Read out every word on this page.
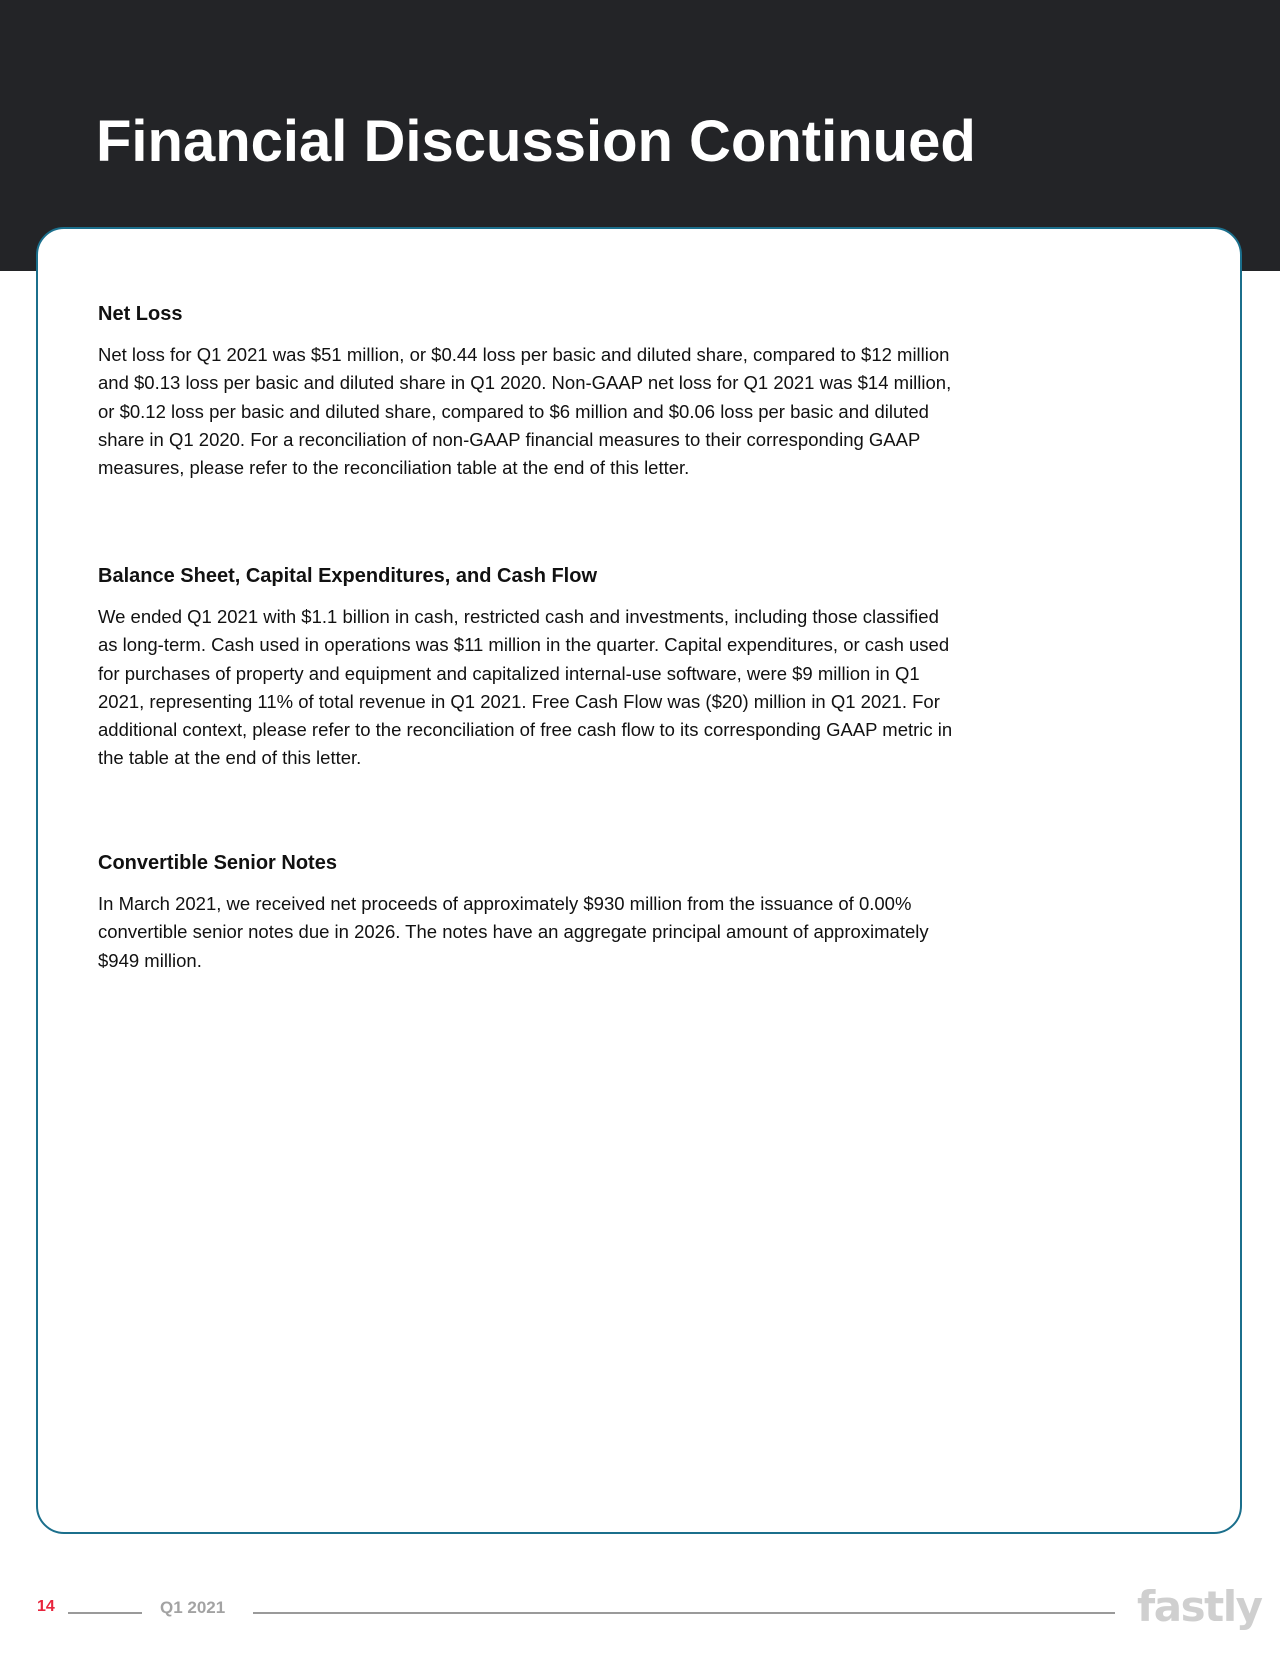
Financial Discussion Continued
Net Loss

Net loss for Q1 2021 was $51 million, or $0.44 loss per basic and diluted share, compared to $12 million and $0.13 loss per basic and diluted share in Q1 2020. Non-GAAP net loss for Q1 2021 was $14 million, or $0.12 loss per basic and diluted share, compared to $6 million and $0.06 loss per basic and diluted share in Q1 2020. For a reconciliation of non-GAAP financial measures to their corresponding GAAP measures, please refer to the reconciliation table at the end of this letter.

Balance Sheet, Capital Expenditures, and Cash Flow

We ended Q1 2021 with $1.1 billion in cash, restricted cash and investments, including those classified as long-term. Cash used in operations was $11 million in the quarter. Capital expenditures, or cash used for purchases of property and equipment and capitalized internal-use software, were $9 million in Q1 2021, representing 11% of total revenue in Q1 2021. Free Cash Flow was ($20) million in Q1 2021. For additional context, please refer to the reconciliation of free cash flow to its corresponding GAAP metric in the table at the end of this letter.

Convertible Senior Notes

In March 2021, we received net proceeds of approximately $930 million from the issuance of 0.00% convertible senior notes due in 2026. The notes have an aggregate principal amount of approximately $949 million.

14	Q1 2021	fastly
